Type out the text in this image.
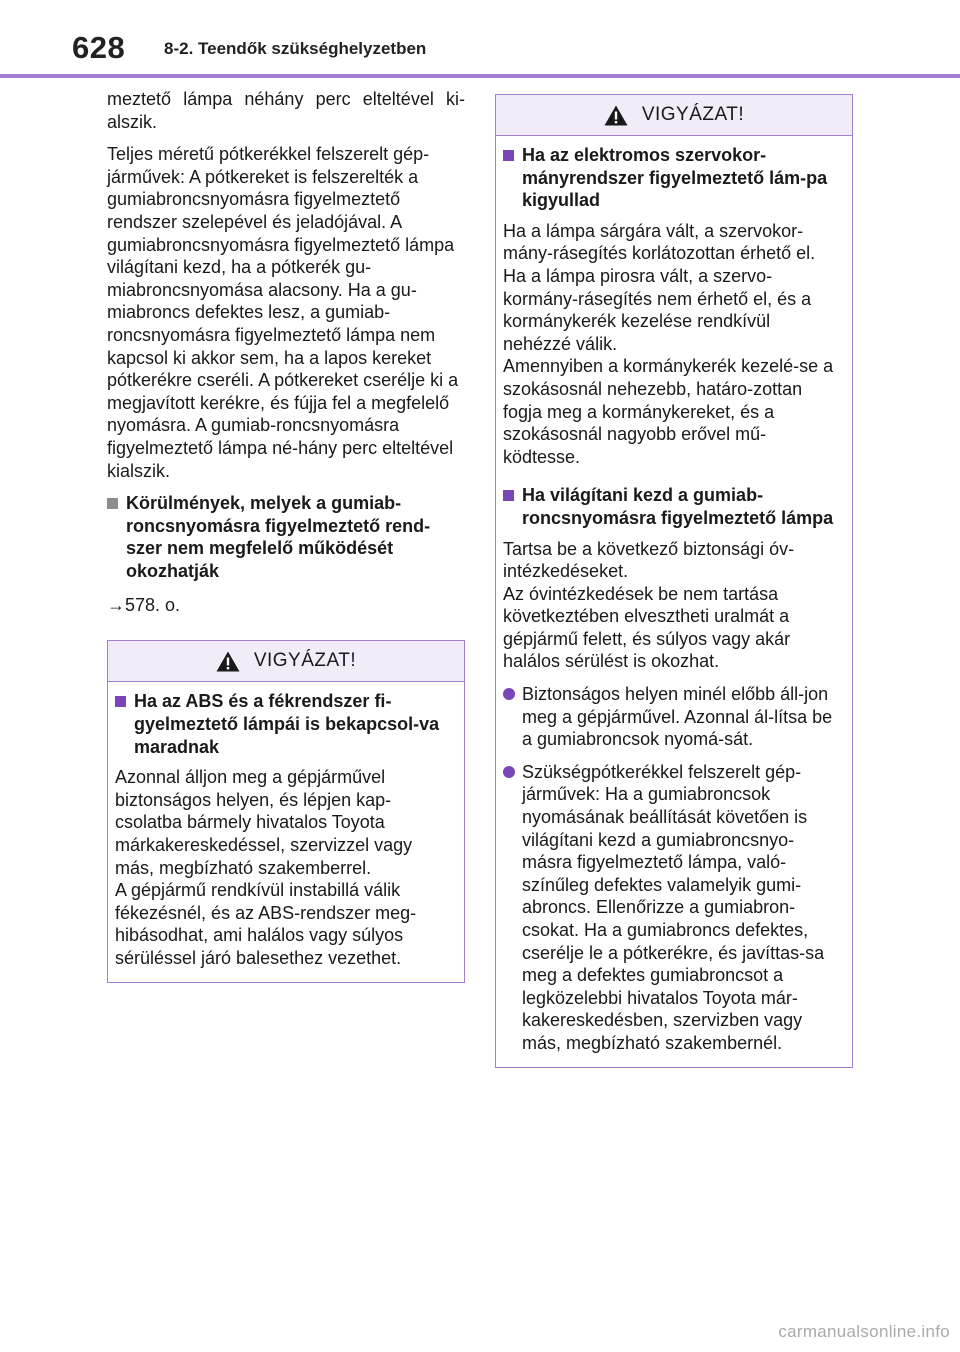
628 8-2. Teendők szükséghelyzetben

meztető lámpa néhány perc elteltével ki-alszik.

Teljes méretű pótkerékkel felszerelt gép-járművek: A pótkereket is felszerelték a gumiabroncsnyomásra figyelmeztető rendszer szelepével és jeladójával. A gumiabroncsnyomásra figyelmeztető lámpa világítani kezd, ha a pótkerék gu-miabroncsnyomása alacsony. Ha a gu-miabroncs defektes lesz, a gumiab-roncsnyomásra figyelmeztető lámpa nem kapcsol ki akkor sem, ha a lapos kereket pótkerékre cseréli. A pótkereket cserélje ki a megjavított kerékre, és fújja fel a megfelelő nyomásra. A gumiab-roncsnyomásra figyelmeztető lámpa né-hány perc elteltével kialszik.

Körülmények, melyek a gumiab-roncsnyomásra figyelmeztető rend-szer nem megfelelő működését okozhatják

→578. o.

VIGYÁZAT!
Ha az ABS és a fékrendszer fi-gyelmeztető lámpái is bekapcsol-va maradnak

Azonnal álljon meg a gépjárművel biztonságos helyen, és lépjen kap-csolatba bármely hivatalos Toyota márkakereskedéssel, szervizzel vagy más, megbízható szakemberrel.
A gépjármű rendkívül instabillá válik fékezésnél, és az ABS-rendszer meg-hibásodhat, ami halálos vagy súlyos sérüléssel járó balesethez vezethet.

VIGYÁZAT!
Ha az elektromos szervokor-mányrendszer figyelmeztető lám-pa kigyullad

Ha a lámpa sárgára vált, a szervokor-mány-rásegítés korlátozottan érhető el. Ha a lámpa pirosra vált, a szervo-kormány-rásegítés nem érhető el, és a kormánykerék kezelése rendkívül nehézzé válik.
Amennyiben a kormánykerék kezelé-se a szokásosnál nehezebb, határo-zottan fogja meg a kormánykereket, és a szokásosnál nagyobb erővel mű-ködtesse.

Ha világítani kezd a gumiab-roncsnyomásra figyelmeztető lámpa

Tartsa be a következő biztonsági óv-intézkedéseket.
Az óvintézkedések be nem tartása következtében elvesztheti uralmát a gépjármű felett, és súlyos vagy akár halálos sérülést is okozhat.

Biztonságos helyen minél előbb áll-jon meg a gépjárművel. Azonnal ál-lítsa be a gumiabroncsok nyomá-sát.
Szükségpótkerékkel felszerelt gép-járművek: Ha a gumiabroncsok nyomásának beállítását követően is világítani kezd a gumiabroncsnyo-másra figyelmeztető lámpa, való-színűleg defektes valamelyik gumi-abroncs. Ellenőrizze a gumiabron-csokat. Ha a gumiabroncs defektes, cserélje le a pótkerékre, és javíttas-sa meg a defektes gumiabroncsot a legközelebbi hivatalos Toyota már-kakereskedésben, szervizben vagy más, megbízható szakembernél.
carmanualsonline.info
